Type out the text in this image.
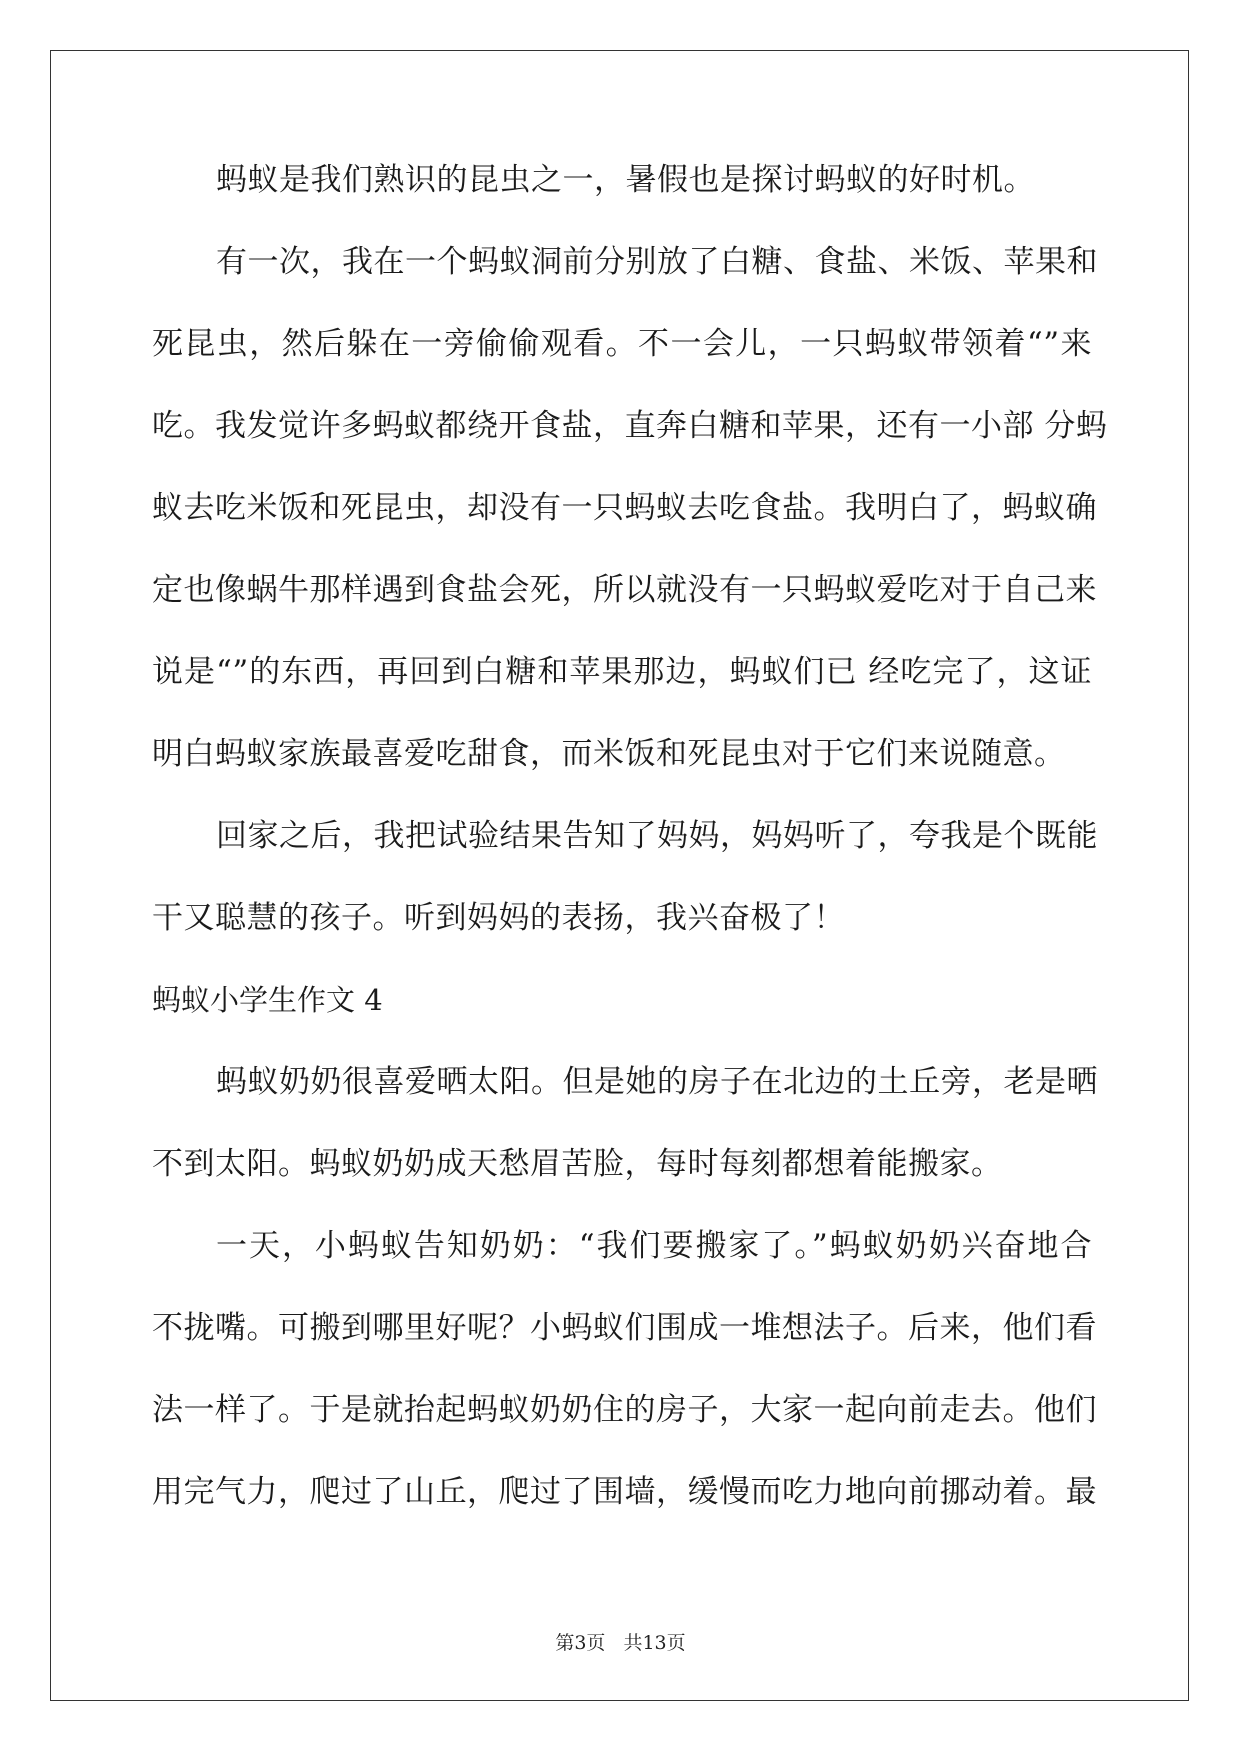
蚂蚁是我们熟识的昆虫之一，暑假也是探讨蚂蚁的好时机。
有一次，我在一个蚂蚁洞前分别放了白糖、食盐、米饭、苹果和
死昆虫，然后躲在一旁偷偷观看。不一会儿，一只蚂蚁带领着“”来
吃。我发觉许多蚂蚁都绕开食盐，直奔白糖和苹果，还有一小部 分蚂
蚁去吃米饭和死昆虫，却没有一只蚂蚁去吃食盐。我明白了，蚂蚁确
定也像蜗牛那样遇到食盐会死，所以就没有一只蚂蚁爱吃对于自己来
说是“”的东西，再回到白糖和苹果那边，蚂蚁们已 经吃完了，这证
明白蚂蚁家族最喜爱吃甜食，而米饭和死昆虫对于它们来说随意。
回家之后，我把试验结果告知了妈妈，妈妈听了，夸我是个既能
干又聪慧的孩子。听到妈妈的表扬，我兴奋极了！
蚂蚁小学生作文 4
蚂蚁奶奶很喜爱晒太阳。但是她的房子在北边的土丘旁，老是晒
不到太阳。蚂蚁奶奶成天愁眉苦脸，每时每刻都想着能搬家。
一天，小蚂蚁告知奶奶：“我们要搬家了。”蚂蚁奶奶兴奋地合
不拢嘴。可搬到哪里好呢？小蚂蚁们围成一堆想法子。后来，他们看
法一样了。于是就抬起蚂蚁奶奶住的房子，大家一起向前走去。他们
用完气力，爬过了山丘，爬过了围墙，缓慢而吃力地向前挪动着。最
第3页 共13页
